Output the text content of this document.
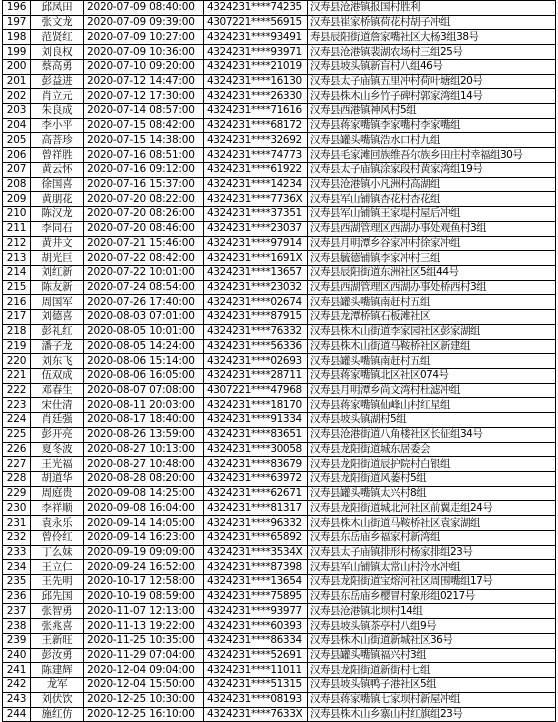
196	邱凤田	2020-07-09 08:40:00	4324231****74235	汉寿县沧港镇报国村胜利
197	张文龙	2020-07-09 09:39:00	4307221****56915	汉寿县崔家桥镇荷花村胡子冲组
198	范贤红	2020-07-09 10:27:00	4324231****93491	寿县辰阳街道詹家嘴社区大杨3组38号
199	刘良权	2020-07-09 10:36:00	4324231****93971	汉寿县沧港镇裴湖农场村三组25号
200	蔡高勇	2020-07-10 09:20:00	4324231****21019	汉寿县坡头镇新盲村八组46号
201	彭益进	2020-07-12 14:47:00	4324231****16130	汉寿县太子庙镇五里冲村荷叶塘组20号
202	肖立元	2020-07-12 17:30:00	4324231****26330	汉寿县株木山乡竹子碑村郭家湾组14号
203	朱良成	2020-07-14 08:57:00	4324231****71616	汉寿县西港镇神风村5组
204	李小平	2020-07-15 08:42:00	4324231****68172	汉寿县蒋家嘴镇李家嘴村李家嘴组
205	高菩珍	2020-07-15 14:38:00	4324231****32692	汉寿县罐头嘴镇浩水口村九组
206	曾祥胜	2020-07-16 08:51:00	4324231****74773	汉寿县毛家滩回族维吾尔族乡田庄村幸福组30号
207	黄云怀	2020-07-16 09:12:00	4324231****61922	汉寿县太子庙镇涂家段村黄家湾组19号
208	徐国喜	2020-07-16 15:37:00	4324231****14234	汉寿县沧港镇小凡洲村高湖组
209	黄朋花	2020-07-20 08:22:00	4324231****7736X	汉寿县军山铺镇杏花村杏花组
210	陈汉龙	2020-07-20 08:26:00	4324231****37351	汉寿县军山铺镇王家堤村屋后冲组
211	李同石	2020-07-20 08:46:00	4324231****23037	汉寿县西湖管理区西湖办事处观鱼村3组
212	黄井文	2020-07-21 15:46:00	4324231****97914	汉寿县月明潭乡谷家冲村徐家冲组
213	胡光巨	2020-07-22 08:42:00	4324231****1691X	汉寿县毓德铺镇李家冲村三组
214	刘红新	2020-07-22 10:01:00	4324231****13657	汉寿县辰阳街道东洲社区5组44号
215	陈友新	2020-07-24 08:54:00	4324231****23032	汉寿县西湖管理区西湖办事处桥西村3组
216	周国军	2020-07-26 17:40:00	4324231****02674	汉寿县罐头嘴镇南赶村五组
217	刘德喜	2020-08-03 07:01:00	4324231****87915	汉寿县龙潭桥镇石板滩社区
218	彭礼红	2020-08-05 10:01:00	4324231****76332	汉寿县株木山街道李家园社区彭家湖组
219	潘子龙	2020-08-05 14:24:00	4324231****56336	汉寿县株木山街道马鞍桥社区新建组
220	刘东飞	2020-08-06 15:14:00	4324231****02693	汉寿县罐头嘴镇南赶村五组
221	伍双成	2020-08-06 16:05:00	4324231****28711	汉寿县蒋家嘴镇北区社区074号
222	邓春生	2020-08-07 07:08:00	4307221****47968	汉寿县月明潭乡尚文湾村杜滤冲组
223	宋仕清	2020-08-11 20:03:00	4324231****18170	汉寿县蒋家嘴镇仙峰山村红星组
224	肖廷强	2020-08-17 18:40:00	4324231****91334	汉寿县坡头镇湖村5组
225	彭开亮	2020-08-26 13:59:00	4324231****83651	汉寿县沧港街道八角楼社区长征组34号
226	夏冬波	2020-08-27 10:13:00	4324231****30058	汉寿县龙阳街道城东居委会
227	王光福	2020-08-27 10:48:00	4324231****83679	汉寿县龙阳街道辰护院村白银组
228	胡道华	2020-08-28 08:20:00	4324231****63972	汉寿县龙阳街道风萎村5组
229	周庭贵	2020-09-08 14:25:00	4324231****62671	汉寿县罐头嘴镇太兴村8组
230	李祥顺	2020-09-08 16:04:00	4324231****81317	汉寿县龙阳街道城北河社区前翼走组24号
231	袁永乐	2020-09-14 14:05:00	4324231****96332	汉寿县株木山街道马鞍桥社区袁家湖组
232	曾伶红	2020-09-14 16:23:00	4324231****65892	汉寿县东岳庙乡福家村新湾组
233	丁么妹	2020-09-19 09:09:00	4324231****3534X	汉寿县太子庙镇排形村杨家排组23号
234	王立仁	2020-09-24 16:52:00	4324231****87398	汉寿县军山铺镇太常山村泠水冲组
235	王先明	2020-10-17 12:58:00	4324231****13654	汉寿县龙阳街道宝熔河社区周围嘴组17号
236	邱先国	2020-10-19 08:59:00	4324231****75895	汉寿县东岳庙乡樱冒村象形组0217号
237	张智勇	2020-11-07 12:13:00	4324231****93977	汉寿县沧港镇北坝村14组
238	张兆喜	2020-11-13 19:22:00	4324231****60393	汉寿县坡头镇茶亭村八组9号
239	王新旺	2020-11-25 10:35:00	4324231****86334	汉寿县株木山街道新城社区36号
240	彭汝勇	2020-11-29 07:04:00	4324231****52691	汉寿县罐头嘴镇福兴村3组
241	陈建辉	2020-12-04 09:04:00	4324231****11011	汉寿县龙阳街道新街村七组
242	龙军	2020-12-04 15:50:00	4324231****51315	汉寿县坡头镇鸭子港社区5组
243	刘伏饮	2020-12-25 10:30:00	4324231****08193	汉寿县蒋家嘴镇七家坝村新屋冲组
244	施红仿	2020-12-25 16:10:00	4324231****7633X	汉寿县株木山乡寨山村红旗组23号
